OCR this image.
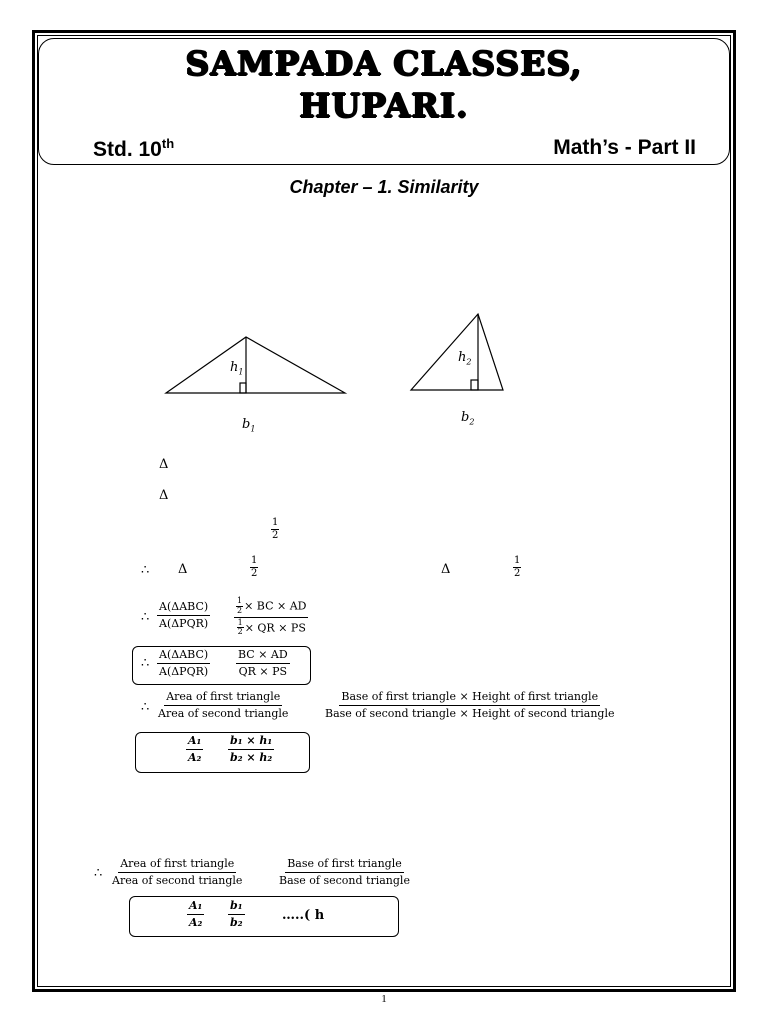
SAMPADA CLASSES,
HUPARI.
Std. 10th	Math’s - Part II
Chapter – 1. Similarity
$h_1$
$b_1$
$h_2$
$b_2$
Δ
Δ
1
2
∴ Δ
1
2	Δ
1
2
∴
A(ΔABC)
A(ΔPQR)	$\frac{\frac{1}{2} \times BC \times AD}{\frac{1}{2} \times QR \times PS}$
∴
A(ΔABC)
A(ΔPQR)	$\frac{BC \times AD}{QR \times PS}$
∴
Area of first triangle
Area of second triangle
Base of first triangle × Height of first triangle
Base of second triangle × Height of second triangle
$\frac{\text{A₁}}{\text{A₂}} \frac{\text{b₁ × h₁}}{\text{b₂ × h₂}}$
∴
Area of first triangle
Area of second triangle
Base of first triangle
Base of second triangle
$\frac{\text{A₁}}{\text{A₂}} \frac{\text{b₁}}{\text{b₂}}$	…..( h
1
